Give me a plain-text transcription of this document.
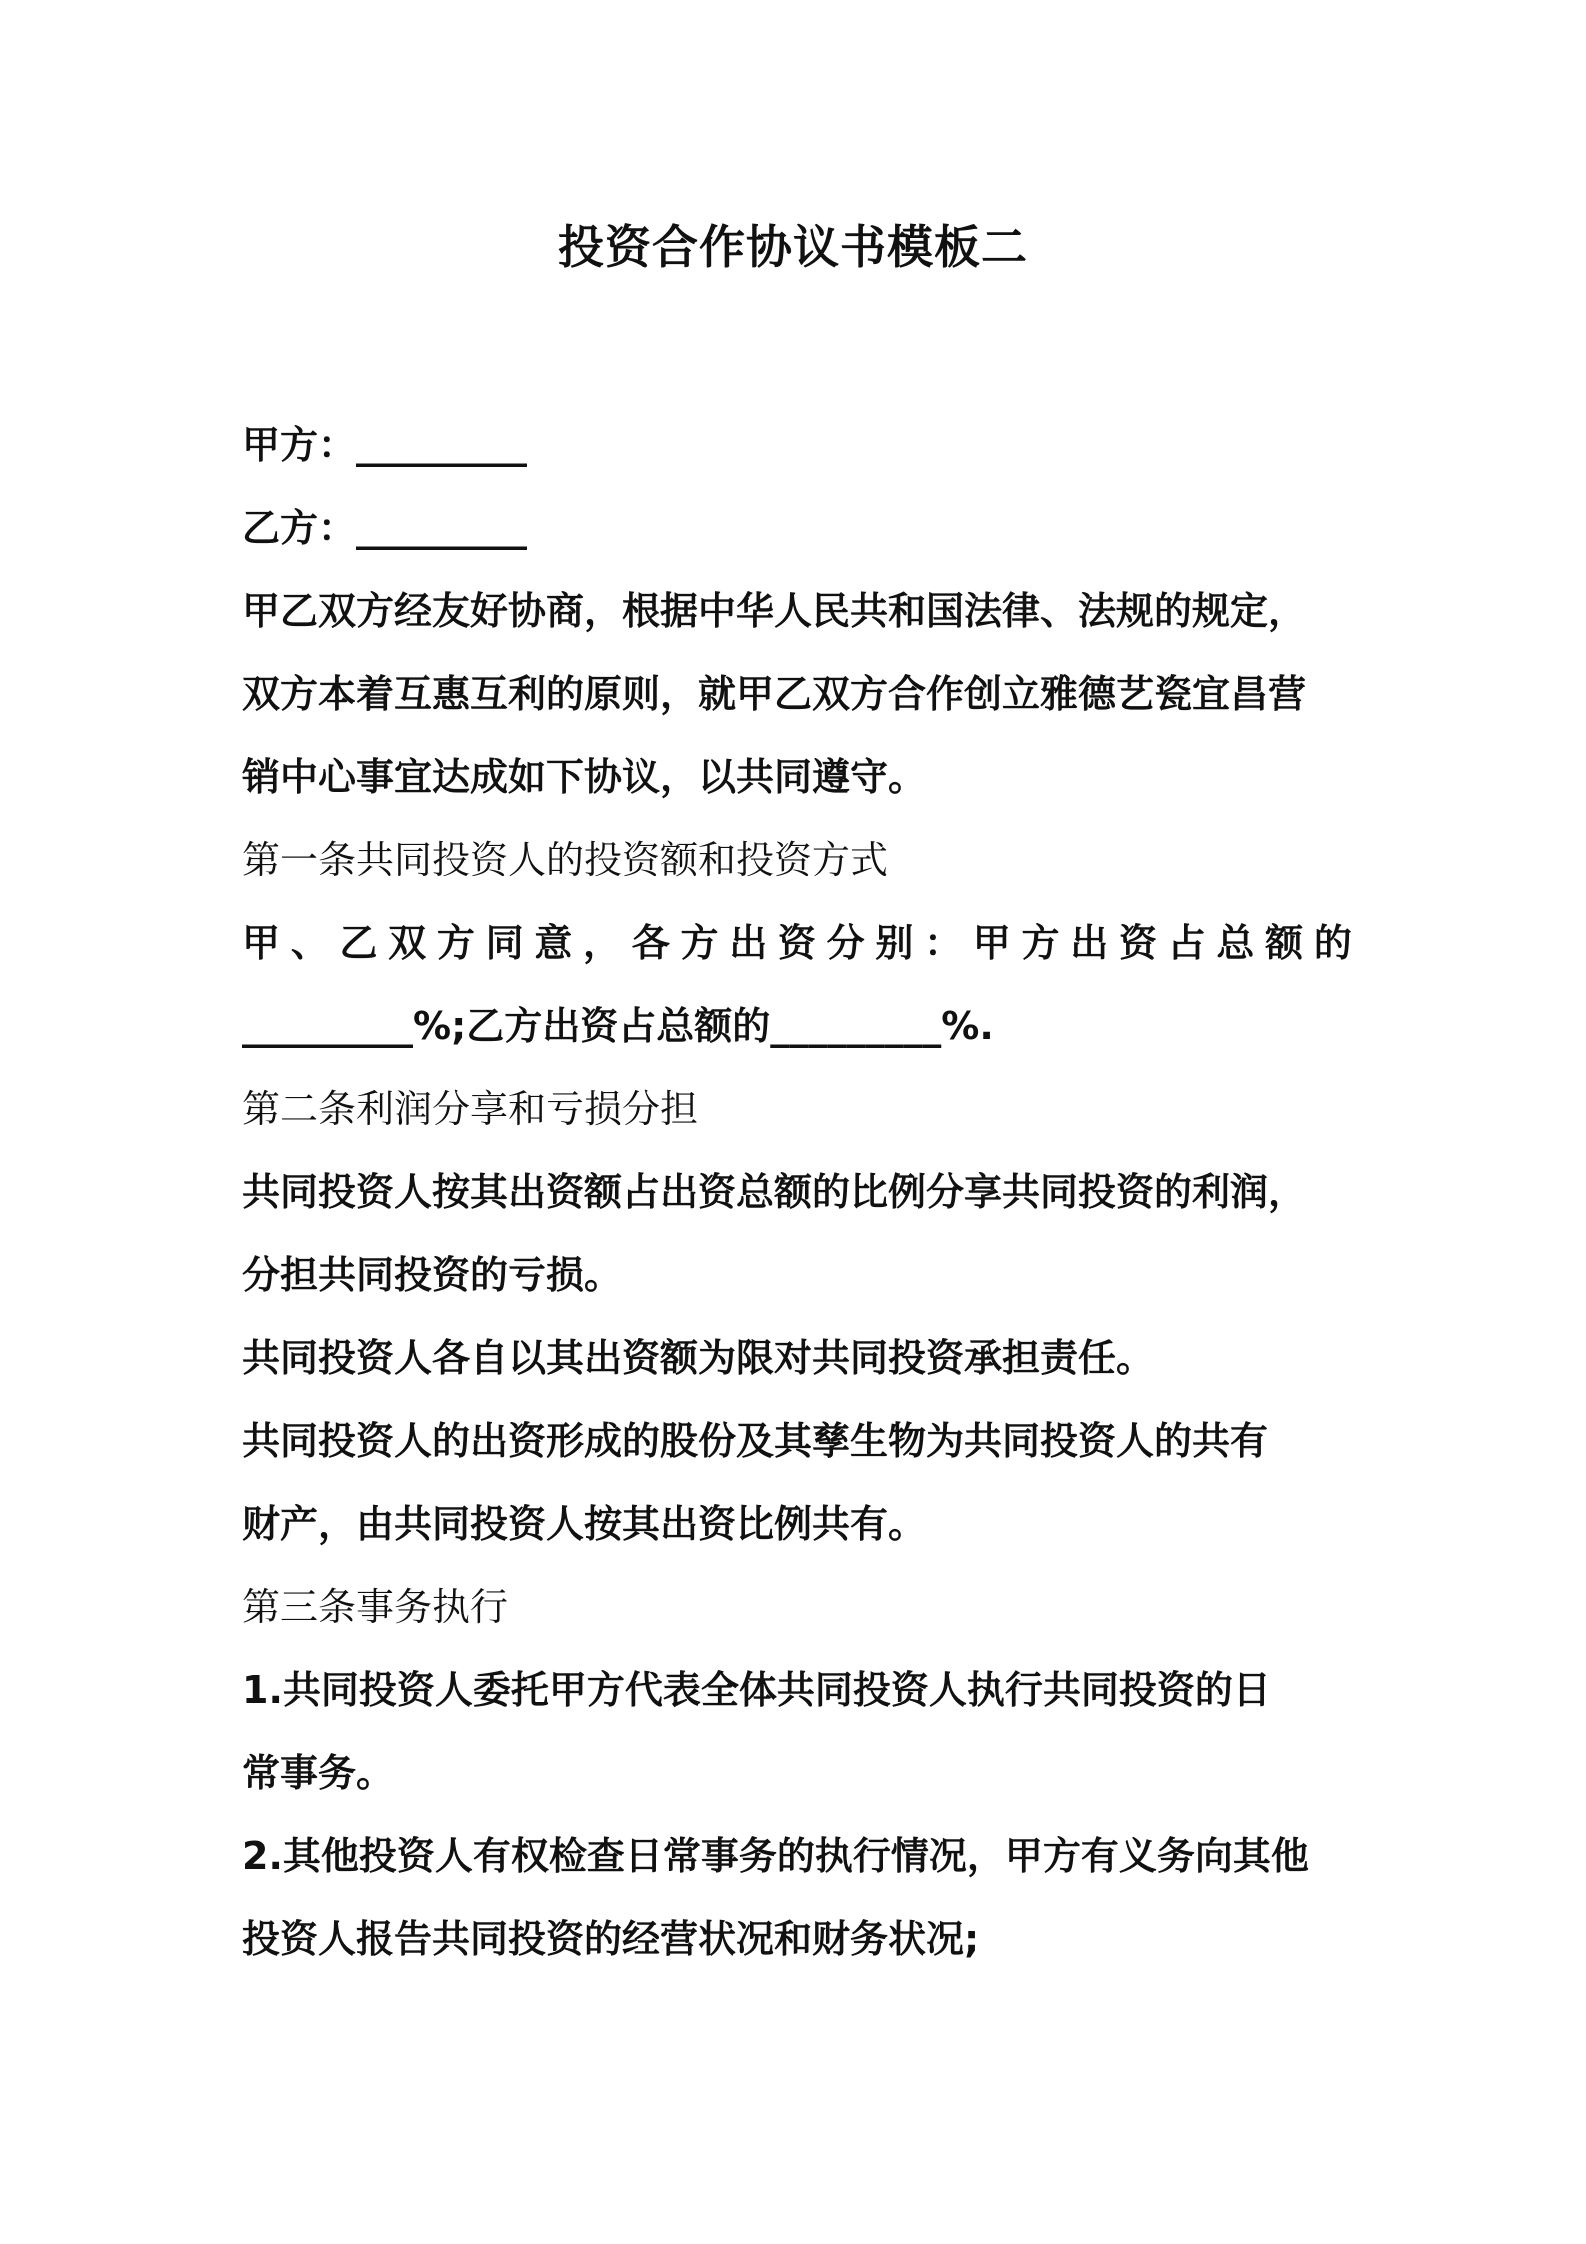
投资合作协议书模板二
甲方：_________
乙方：_________
甲乙双方经友好协商，根据中华人民共和国法律、法规的规定，
双方本着互惠互利的原则，就甲乙双方合作创立雅德艺瓷宜昌营
销中心事宜达成如下协议，以共同遵守。
第一条共同投资人的投资额和投资方式
甲 、 乙 双 方 同 意 ， 各 方 出 资 分 别 ： 甲 方 出 资 占 总 额 的
_________%;乙方出资占总额的_________%.
第二条利润分享和亏损分担
共同投资人按其出资额占出资总额的比例分享共同投资的利润，
分担共同投资的亏损。
共同投资人各自以其出资额为限对共同投资承担责任。
共同投资人的出资形成的股份及其孳生物为共同投资人的共有
财产，由共同投资人按其出资比例共有。
第三条事务执行
1.共同投资人委托甲方代表全体共同投资人执行共同投资的日
常事务。
2.其他投资人有权检查日常事务的执行情况，甲方有义务向其他
投资人报告共同投资的经营状况和财务状况;
